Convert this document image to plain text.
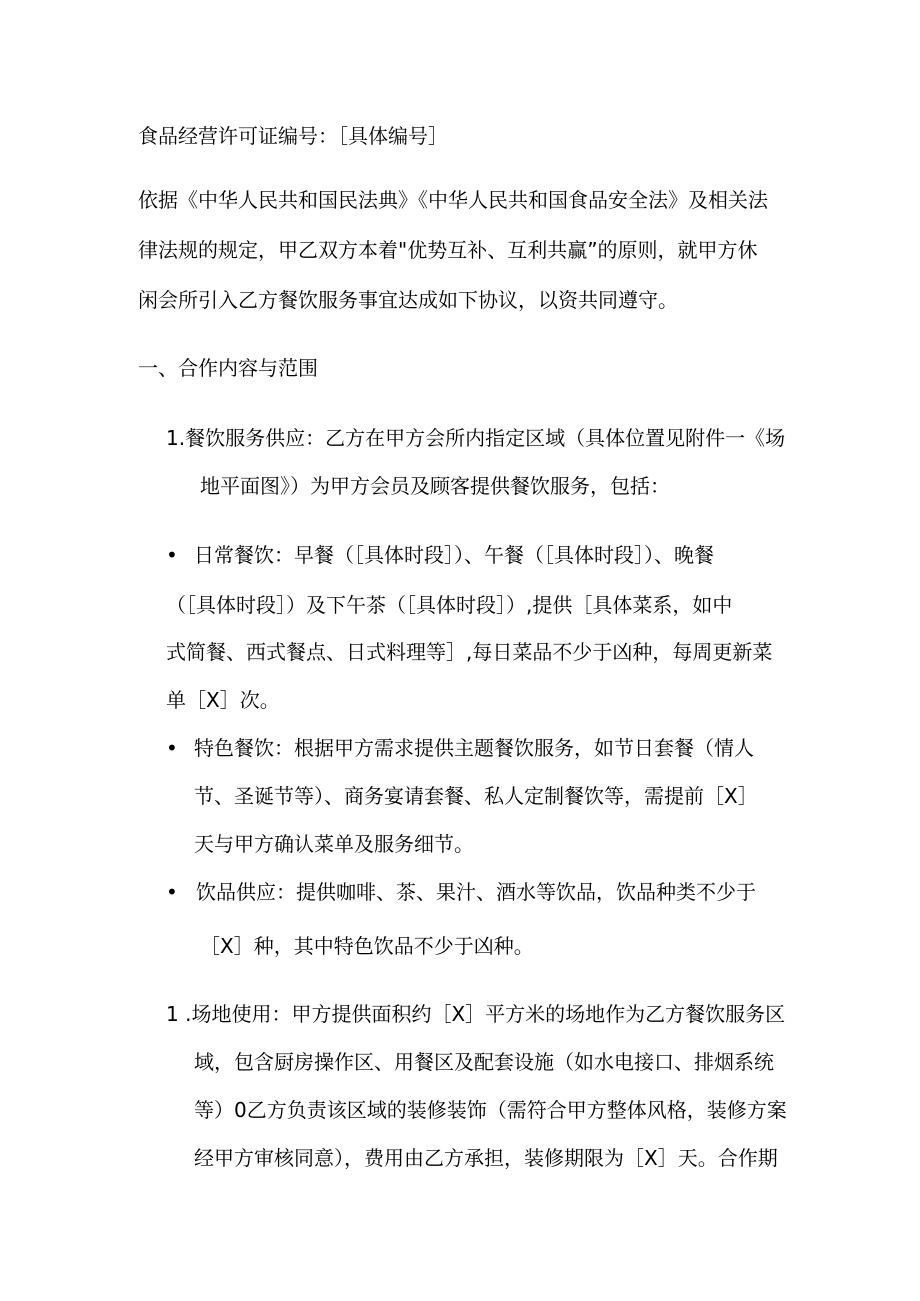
食品经营许可证编号：［具体编号］
依据《中华人民共和国民法典》《中华人民共和国食品安全法》及相关法
律法规的规定，甲乙双方本着"优势互补、互利共赢”的原则，就甲方休
闲会所引入乙方餐饮服务事宜达成如下协议，以资共同遵守。
一、合作内容与范围
1.餐饮服务供应：乙方在甲方会所内指定区域（具体位置见附件一《场
地平面图》）为甲方会员及顾客提供餐饮服务，包括：
• 日常餐饮：早餐（［具体时段］）、午餐（［具体时段］）、晚餐
（［具体时段］）及下午茶（［具体时段］）,提供［具体菜系，如中
式简餐、西式餐点、日式料理等］,每日菜品不少于凶种，每周更新菜
单［X］次。
• 特色餐饮：根据甲方需求提供主题餐饮服务，如节日套餐（情人
节、圣诞节等）、商务宴请套餐、私人定制餐饮等，需提前［X］
天与甲方确认菜单及服务细节。
• 饮品供应：提供咖啡、茶、果汁、酒水等饮品，饮品种类不少于
［X］种，其中特色饮品不少于凶种。
1 .场地使用：甲方提供面积约［X］平方米的场地作为乙方餐饮服务区
域，包含厨房操作区、用餐区及配套设施（如水电接口、排烟系统
等）0乙方负责该区域的装修装饰（需符合甲方整体风格，装修方案
经甲方审核同意），费用由乙方承担，装修期限为［X］天。合作期
